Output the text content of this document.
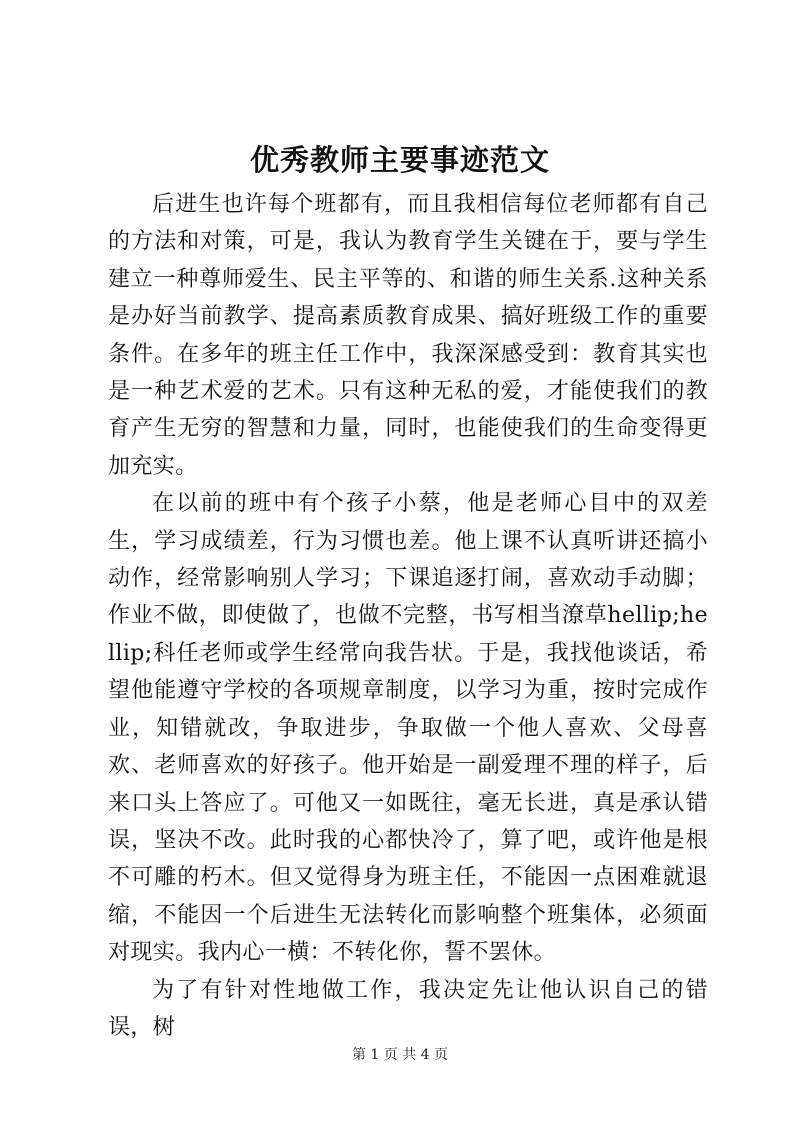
优秀教师主要事迹范文

后进生也许每个班都有，而且我相信每位老师都有自己的方法和对策，可是，我认为教育学生关键在于，要与学生建立一种尊师爱生、民主平等的、和谐的师生关系.这种关系是办好当前教学、提高素质教育成果、搞好班级工作的重要条件。在多年的班主任工作中，我深深感受到：教育其实也是一种艺术爱的艺术。只有这种无私的爱，才能使我们的教育产生无穷的智慧和力量，同时，也能使我们的生命变得更加充实。

在以前的班中有个孩子小蔡，他是老师心目中的双差生，学习成绩差，行为习惯也差。他上课不认真听讲还搞小动作，经常影响别人学习；下课追逐打闹，喜欢动手动脚；作业不做，即使做了，也做不完整，书写相当潦草hellip;hellip;科任老师或学生经常向我告状。于是，我找他谈话，希望他能遵守学校的各项规章制度，以学习为重，按时完成作业，知错就改，争取进步，争取做一个他人喜欢、父母喜欢、老师喜欢的好孩子。他开始是一副爱理不理的样子，后来口头上答应了。可他又一如既往，毫无长进，真是承认错误，坚决不改。此时我的心都快冷了，算了吧，或许他是根不可雕的朽木。但又觉得身为班主任，不能因一点困难就退缩，不能因一个后进生无法转化而影响整个班集体，必须面对现实。我内心一横：不转化你，誓不罢休。

为了有针对性地做工作，我决定先让他认识自己的错误，树

第 1 页 共 4 页
